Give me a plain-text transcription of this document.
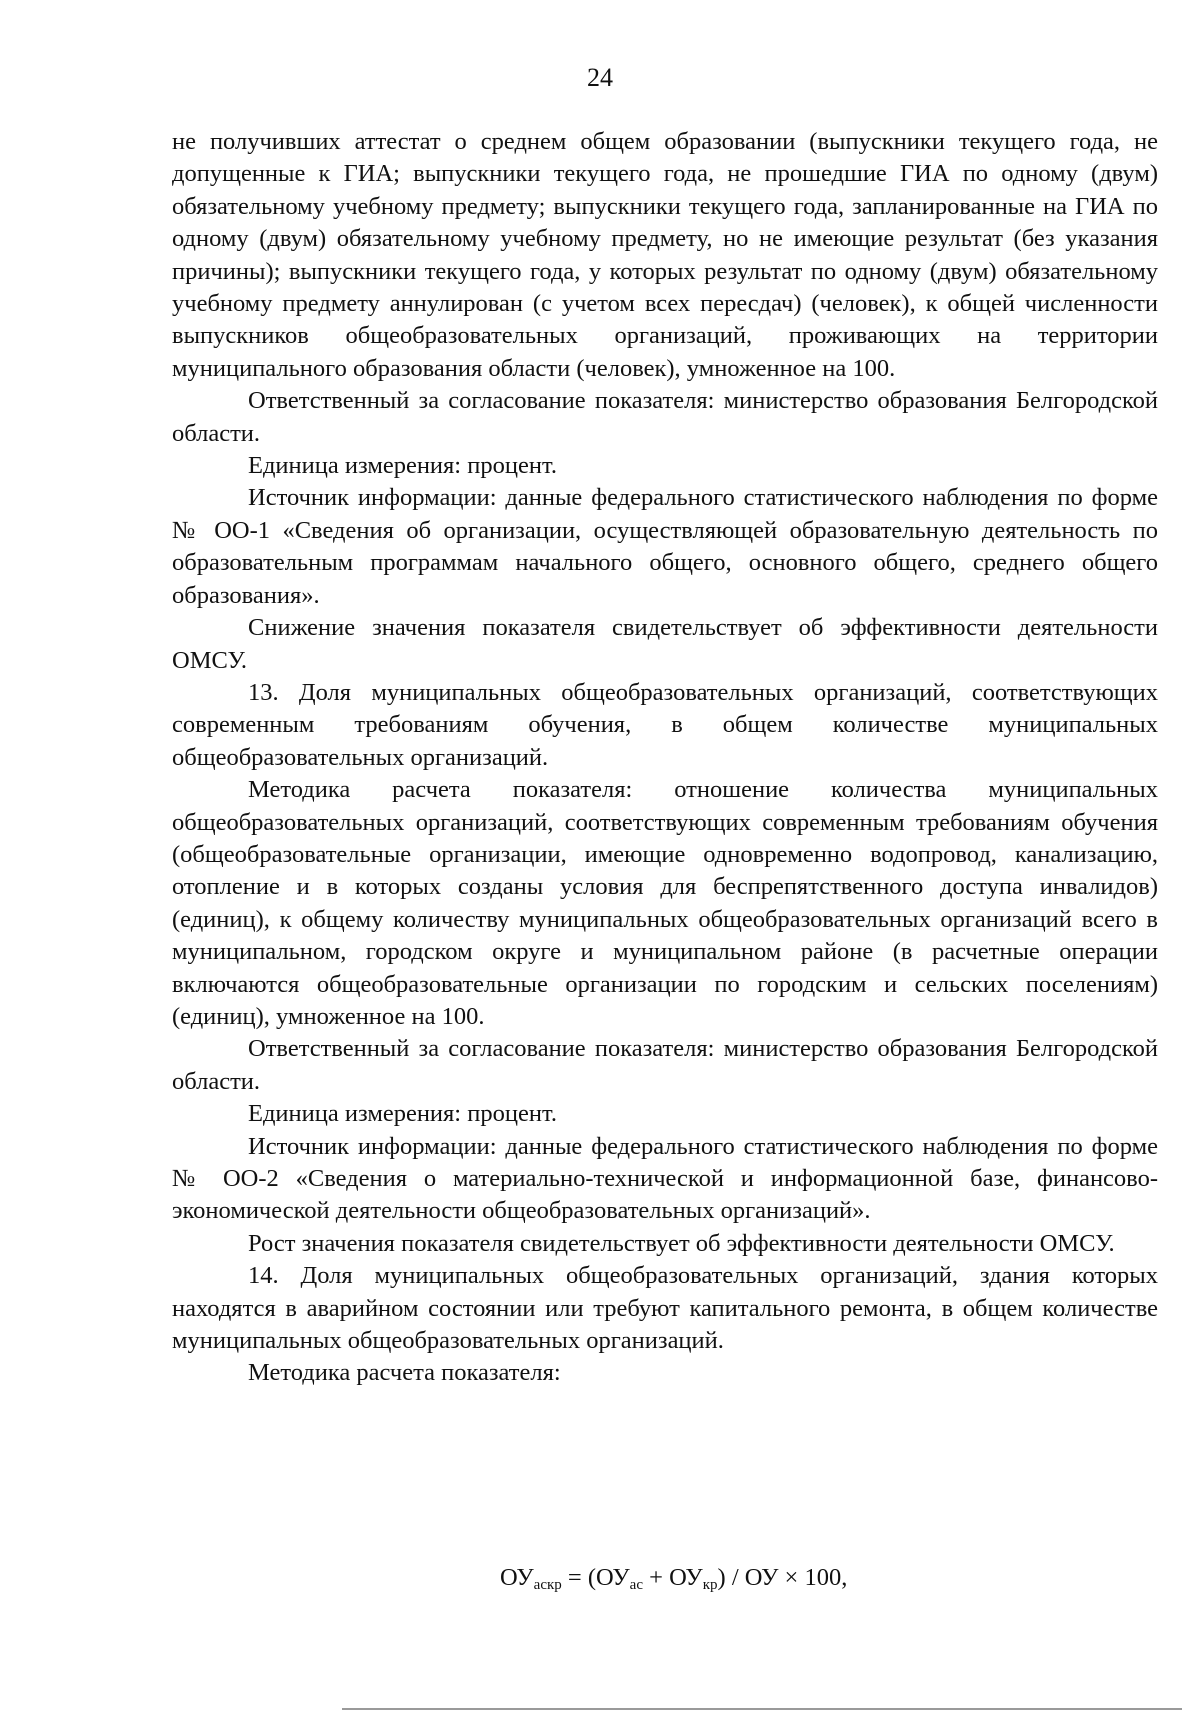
24

не получивших аттестат о среднем общем образовании (выпускники текущего года, не допущенные к ГИА; выпускники текущего года, не прошедшие ГИА по одному (двум) обязательному учебному предмету; выпускники текущего года, запланированные на ГИА по одному (двум) обязательному учебному предмету, но не имеющие результат (без указания причины); выпускники текущего года, у которых результат по одному (двум) обязательному учебному предмету аннулирован (с учетом всех пересдач) (человек), к общей численности выпускников общеобразовательных организаций, проживающих на территории муниципального образования области (человек), умноженное на 100.

Ответственный за согласование показателя: министерство образования Белгородской области.

Единица измерения: процент.

Источник информации: данные федерального статистического наблюдения по форме № ОО-1 «Сведения об организации, осуществляющей образовательную деятельность по образовательным программам начального общего, основного общего, среднего общего образования».

Снижение значения показателя свидетельствует об эффективности деятельности ОМСУ.

13. Доля муниципальных общеобразовательных организаций, соответствующих современным требованиям обучения, в общем количестве муниципальных общеобразовательных организаций.

Методика расчета показателя: отношение количества муниципальных общеобразовательных организаций, соответствующих современным требованиям обучения (общеобразовательные организации, имеющие одновременно водопровод, канализацию, отопление и в которых созданы условия для беспрепятственного доступа инвалидов) (единиц), к общему количеству муниципальных общеобразовательных организаций всего в муниципальном, городском округе и муниципальном районе (в расчетные операции включаются общеобразовательные организации по городским и сельских поселениям) (единиц), умноженное на 100.

Ответственный за согласование показателя: министерство образования Белгородской области.

Единица измерения: процент.

Источник информации: данные федерального статистического наблюдения по форме № ОО-2 «Сведения о материально-технической и информационной базе, финансово-экономической деятельности общеобразовательных организаций».

Рост значения показателя свидетельствует об эффективности деятельности ОМСУ.

14. Доля муниципальных общеобразовательных организаций, здания которых находятся в аварийном состоянии или требуют капитального ремонта, в общем количестве муниципальных общеобразовательных организаций.

Методика расчета показателя:

$ОУ_{аскр} = (ОУ_{ас} + ОУ_{кр})$ / ОУ × 100,
